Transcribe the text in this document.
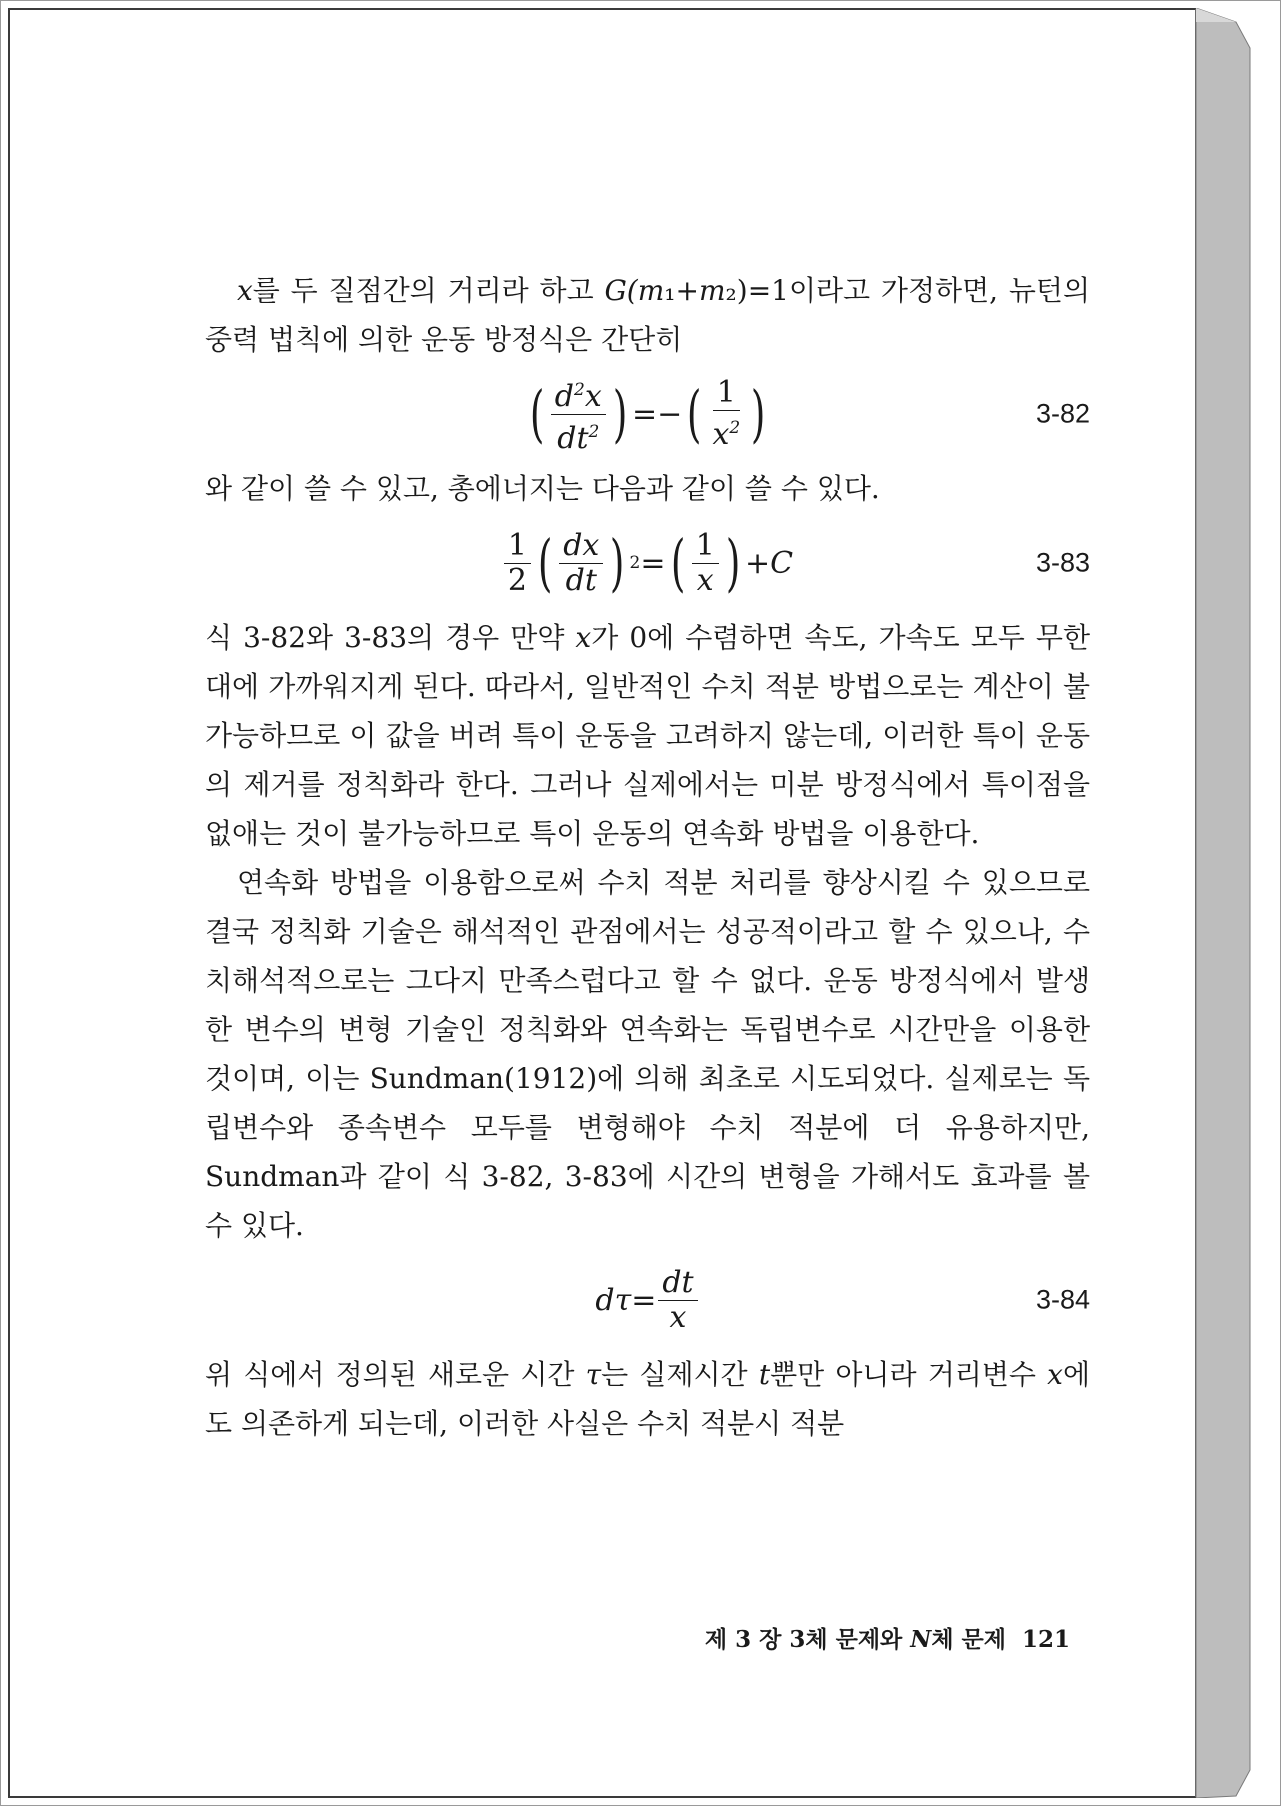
x를 두 질점간의 거리라 하고 G(m₁+m₂)=1이라고 가정하면, 뉴턴의 중력 법칙에 의한 운동 방정식은 간단히

( $\frac{d^2x}{dt^2}$ ) =− ( $\frac{1}{x^2}$ )	3-82

와 같이 쓸 수 있고, 총에너지는 다음과 같이 쓸 수 있다.

$\frac{1}{2}$ ( $\frac{dx}{dt}$ ) 2 = ( $\frac{1}{x}$ ) +C	3-83

식 3-82와 3-83의 경우 만약 x가 0에 수렴하면 속도, 가속도 모두 무한대에 가까워지게 된다. 따라서, 일반적인 수치 적분 방법으로는 계산이 불가능하므로 이 값을 버려 특이 운동을 고려하지 않는데, 이러한 특이 운동의 제거를 정칙화라 한다. 그러나 실제에서는 미분 방정식에서 특이점을 없애는 것이 불가능하므로 특이 운동의 연속화 방법을 이용한다.

연속화 방법을 이용함으로써 수치 적분 처리를 향상시킬 수 있으므로 결국 정칙화 기술은 해석적인 관점에서는 성공적이라고 할 수 있으나, 수치해석적으로는 그다지 만족스럽다고 할 수 없다. 운동 방정식에서 발생한 변수의 변형 기술인 정칙화와 연속화는 독립변수로 시간만을 이용한 것이며, 이는 Sundman(1912)에 의해 최초로 시도되었다. 실제로는 독립변수와 종속변수 모두를 변형해야 수치 적분에 더 유용하지만, Sundman과 같이 식 3-82, 3-83에 시간의 변형을 가해서도 효과를 볼 수 있다.

$d\tau = \frac{dt}{x}$	3-84

위 식에서 정의된 새로운 시간 τ는 실제시간 t뿐만 아니라 거리변수 x에도 의존하게 되는데, 이러한 사실은 수치 적분시 적분

제 3 장 3체 문제와 N체 문제 121
